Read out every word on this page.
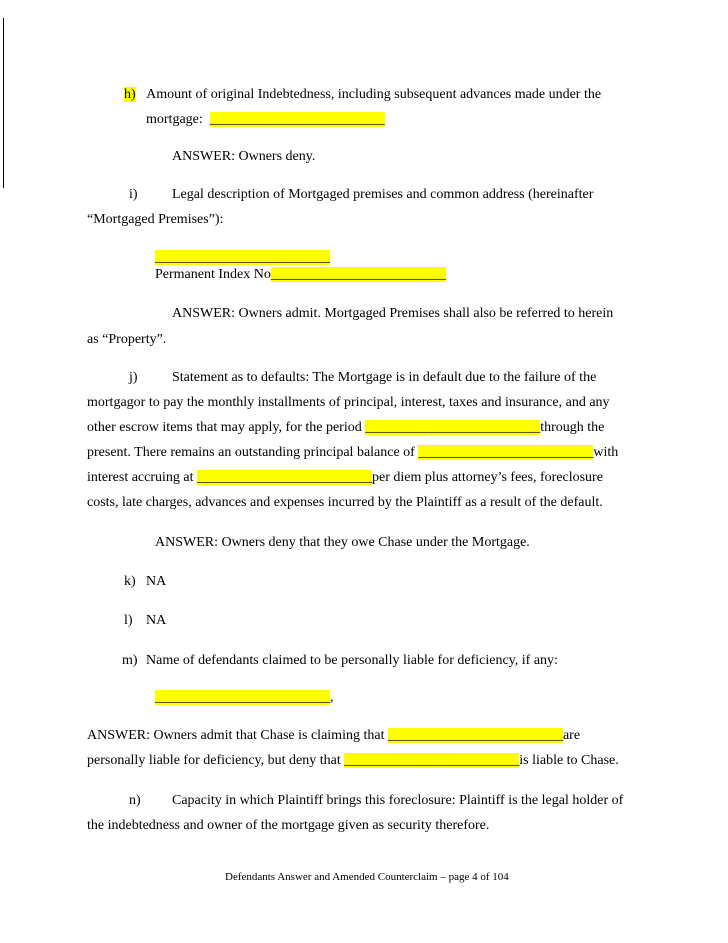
h) Amount of original Indebtedness, including subsequent advances made under the
mortgage: _________________________
ANSWER: Owners deny.
i) Legal description of Mortgaged premises and common address (hereinafter
“Mortgaged Premises”):
_________________________
Permanent Index No_________________________
ANSWER: Owners admit. Mortgaged Premises shall also be referred to herein
as “Property”.
j) Statement as to defaults: The Mortgage is in default due to the failure of the
mortgagor to pay the monthly installments of principal, interest, taxes and insurance, and any
other escrow items that may apply, for the period _________________________through the
present. There remains an outstanding principal balance of _________________________with
interest accruing at _________________________per diem plus attorney’s fees, foreclosure
costs, late charges, advances and expenses incurred by the Plaintiff as a result of the default.
ANSWER: Owners deny that they owe Chase under the Mortgage.
k) NA
l) NA
m) Name of defendants claimed to be personally liable for deficiency, if any:
_________________________,
ANSWER: Owners admit that Chase is claiming that _________________________are
personally liable for deficiency, but deny that _________________________is liable to Chase.
n) Capacity in which Plaintiff brings this foreclosure: Plaintiff is the legal holder of
the indebtedness and owner of the mortgage given as security therefore.
Defendants Answer and Amended Counterclaim – page 4 of 104
